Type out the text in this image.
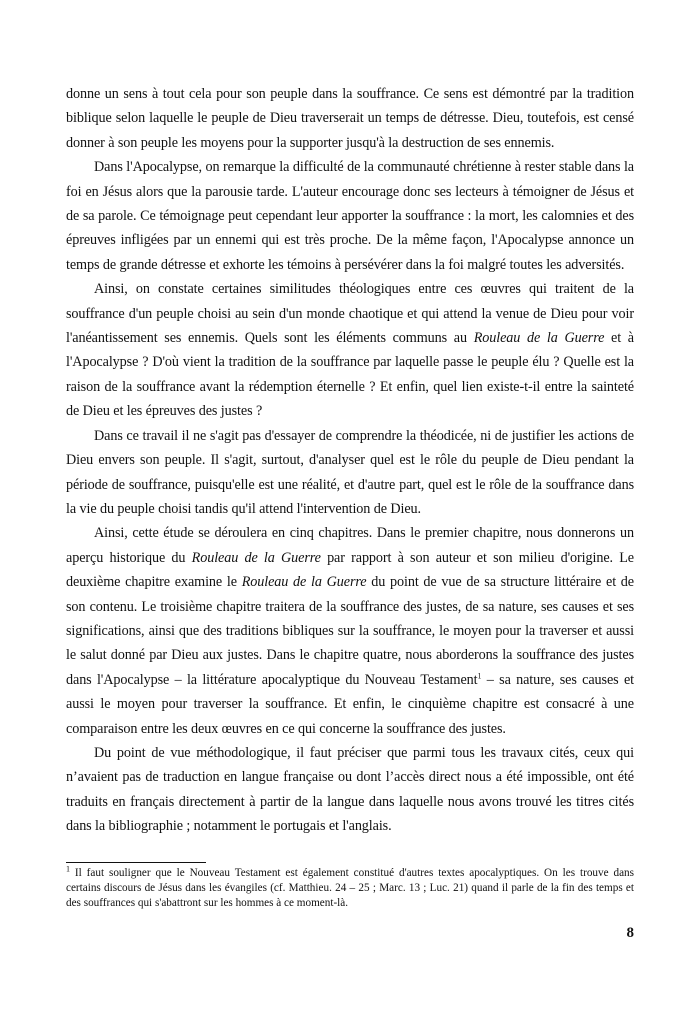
donne un sens à tout cela pour son peuple dans la souffrance. Ce sens est démontré par la tradition biblique selon laquelle le peuple de Dieu traverserait un temps de détresse. Dieu, toutefois, est censé donner à son peuple les moyens pour la supporter jusqu'à la destruction de ses ennemis.

Dans l'Apocalypse, on remarque la difficulté de la communauté chrétienne à rester stable dans la foi en Jésus alors que la parousie tarde. L'auteur encourage donc ses lecteurs à témoigner de Jésus et de sa parole. Ce témoignage peut cependant leur apporter la souffrance : la mort, les calomnies et des épreuves infligées par un ennemi qui est très proche. De la même façon, l'Apocalypse annonce un temps de grande détresse et exhorte les témoins à persévérer dans la foi malgré toutes les adversités.

Ainsi, on constate certaines similitudes théologiques entre ces œuvres qui traitent de la souffrance d'un peuple choisi au sein d'un monde chaotique et qui attend la venue de Dieu pour voir l'anéantissement ses ennemis. Quels sont les éléments communs au Rouleau de la Guerre et à l'Apocalypse ? D'où vient la tradition de la souffrance par laquelle passe le peuple élu ? Quelle est la raison de la souffrance avant la rédemption éternelle ? Et enfin, quel lien existe-t-il entre la sainteté de Dieu et les épreuves des justes ?

Dans ce travail il ne s'agit pas d'essayer de comprendre la théodicée, ni de justifier les actions de Dieu envers son peuple. Il s'agit, surtout, d'analyser quel est le rôle du peuple de Dieu pendant la période de souffrance, puisqu'elle est une réalité, et d'autre part, quel est le rôle de la souffrance dans la vie du peuple choisi tandis qu'il attend l'intervention de Dieu.

Ainsi, cette étude se déroulera en cinq chapitres. Dans le premier chapitre, nous donnerons un aperçu historique du Rouleau de la Guerre par rapport à son auteur et son milieu d'origine. Le deuxième chapitre examine le Rouleau de la Guerre du point de vue de sa structure littéraire et de son contenu. Le troisième chapitre traitera de la souffrance des justes, de sa nature, ses causes et ses significations, ainsi que des traditions bibliques sur la souffrance, le moyen pour la traverser et aussi le salut donné par Dieu aux justes. Dans le chapitre quatre, nous aborderons la souffrance des justes dans l'Apocalypse – la littérature apocalyptique du Nouveau Testament$^1$ – sa nature, ses causes et aussi le moyen pour traverser la souffrance. Et enfin, le cinquième chapitre est consacré à une comparaison entre les deux œuvres en ce qui concerne la souffrance des justes.

Du point de vue méthodologique, il faut préciser que parmi tous les travaux cités, ceux qui n’avaient pas de traduction en langue française ou dont l’accès direct nous a été impossible, ont été traduits en français directement à partir de la langue dans laquelle nous avons trouvé les titres cités dans la bibliographie ; notamment le portugais et l'anglais.

$^1$ Il faut souligner que le Nouveau Testament est également constitué d'autres textes apocalyptiques. On les trouve dans certains discours de Jésus dans les évangiles (cf. Matthieu. 24 – 25 ; Marc. 13 ; Luc. 21) quand il parle de la fin des temps et des souffrances qui s'abattront sur les hommes à ce moment-là.
8
